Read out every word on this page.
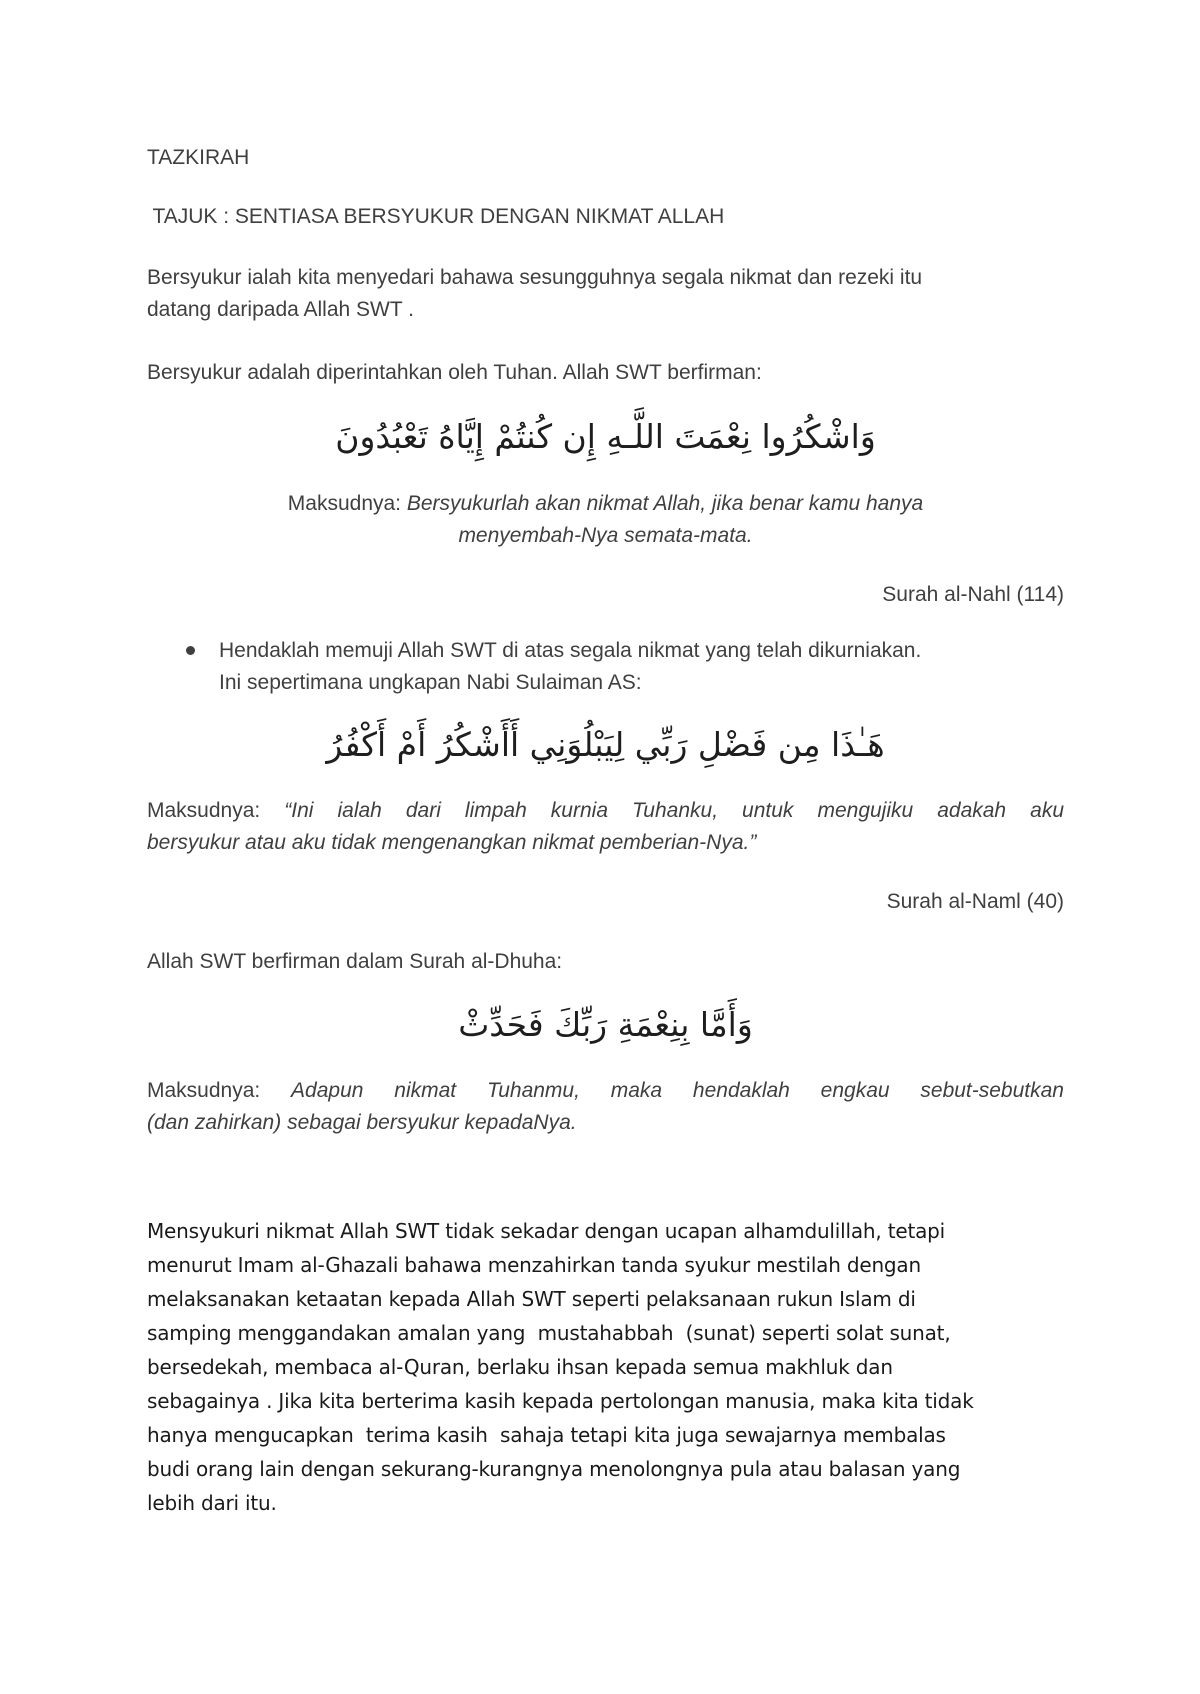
TAZKIRAH

TAJUK : SENTIASA BERSYUKUR DENGAN NIKMAT ALLAH

Bersyukur ialah kita menyedari bahawa sesungguhnya segala nikmat dan rezeki itu

datang daripada Allah SWT .

Bersyukur adalah diperintahkan oleh Tuhan. Allah SWT berfirman:

وَاشْكُرُوا نِعْمَتَ اللَّـهِ إِن كُنتُمْ إِيَّاهُ تَعْبُدُونَ

Maksudnya: Bersyukurlah akan nikmat Allah, jika benar kamu hanya

menyembah-Nya semata-mata.

Surah al-Nahl (114)

Hendaklah memuji Allah SWT di atas segala nikmat yang telah dikurniakan.

Ini sepertimana ungkapan Nabi Sulaiman AS:

هَـٰذَا مِن فَضْلِ رَبِّي لِيَبْلُوَنِي أَأَشْكُرُ أَمْ أَكْفُرُ

Maksudnya: “Ini ialah dari limpah kurnia Tuhanku, untuk mengujiku adakah aku

bersyukur atau aku tidak mengenangkan nikmat pemberian-Nya.”

Surah al-Naml (40)

Allah SWT berfirman dalam Surah al-Dhuha:

وَأَمَّا بِنِعْمَةِ رَبِّكَ فَحَدِّثْ

Maksudnya: Adapun nikmat Tuhanmu, maka hendaklah engkau sebut-sebutkan

(dan zahirkan) sebagai bersyukur kepadaNya.

Mensyukuri nikmat Allah SWT tidak sekadar dengan ucapan alhamdulillah, tetapi

menurut Imam al-Ghazali bahawa menzahirkan tanda syukur mestilah dengan

melaksanakan ketaatan kepada Allah SWT seperti pelaksanaan rukun Islam di

samping menggandakan amalan yang  mustahabbah  (sunat) seperti solat sunat,

bersedekah, membaca al-Quran, berlaku ihsan kepada semua makhluk dan

sebagainya . Jika kita berterima kasih kepada pertolongan manusia, maka kita tidak

hanya mengucapkan  terima kasih  sahaja tetapi kita juga sewajarnya membalas

budi orang lain dengan sekurang-kurangnya menolongnya pula atau balasan yang

lebih dari itu.
